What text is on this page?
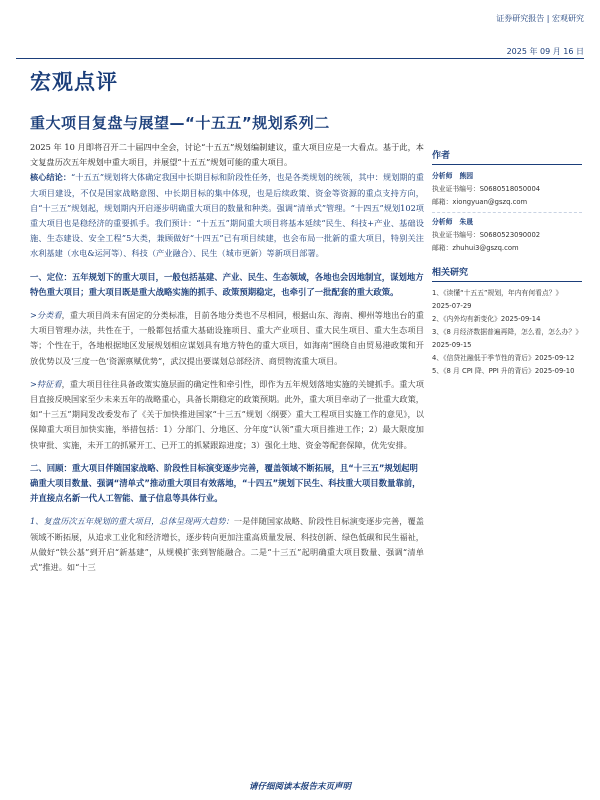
证券研究报告 | 宏观研究
2025 年 09 月 16 日
宏观点评
重大项目复盘与展望—“十五五”规划系列二

2025 年 10 月即将召开二十届四中全会，讨论“十五五”规划编制建议，重大项目应是一大看点。基于此，本文复盘历次五年规划中重大项目，并展望“十五五”规划可能的重大项目。

核心结论：“十五五”规划将大体确定我国中长期目标和阶段性任务，也是各类规划的统领，其中：规划期的重大项目建设，不仅是国家战略意图、中长期目标的集中体现，也是后续政策、资金等资源的重点支持方向，自“十三五”规划起，规划期内开启逐步明确重大项目的数量和种类。强调“清单式”管理。“十四五”规划102项重大项目也是稳经济的重要抓手。我们预计：“十五五”期间重大项目将基本延续“民生、科技+产业、基础设施、生态建设、安全工程”5大类，兼顾做好“十四五”已有项目续建，也会布局一批新的重大项目，特别关注水利基建（水电&运河等）、科技（产业融合）、民生（城市更新）等新项目部署。

一、定位：五年规划下的重大项目，一般包括基建、产业、民生、生态领域，各地也会因地制宜，谋划地方特色重大项目；重大项目既是重大战略实施的抓手、政策预期稳定，也牵引了一批配套的重大政策。

>分类看，重大项目尚未有固定的分类标准，目前各地分类也不尽相同，根据山东、海南、柳州等地出台的重大项目管理办法，共性在于，一般都包括重大基础设施项目、重大产业项目、重大民生项目、重大生态项目等；个性在于，各地根据地区发展规划相应谋划具有地方特色的重大项目，如海南“围绕自由贸易港政策和开放优势以及‘三度一色’资源禀赋优势”，武汉提出要谋划总部经济、商贸物流重大项目。

>特征看，重大项目往往具备政策实施层面的确定性和牵引性，即作为五年规划落地实施的关键抓手。重大项目直接反映国家至少未来五年的战略重心，具备长期稳定的政策预期。此外，重大项目牵动了一批重大政策，如“十三五”期间发改委发布了《关于加快推进国家“十三五”规划〈纲要〉重大工程项目实施工作的意见》，以保障重大项目加快实施，举措包括：1）分部门、分地区、分年度“认领”重大项目推进工作；2）最大限度加快审批、实施，未开工的抓紧开工、已开工的抓紧跟踪进度；3）强化土地、资金等配套保障，优先安排。

二、回顾：重大项目伴随国家战略、阶段性目标演变逐步完善，覆盖领域不断拓展，且“十三五”规划起明确重大项目数量、强调“清单式”推动重大项目有效落地，“十四五”规划下民生、科技重大项目数量靠前，并直接点名新一代人工智能、量子信息等具体行业。

1、复盘历次五年规划的重大项目，总体呈现两大趋势：一是伴随国家战略、阶段性目标演变逐步完善，覆盖领域不断拓展，从追求工业化和经济增长，逐步转向更加注重高质量发展、科技创新、绿色低碳和民生福祉，从做好“铁公基”到开启“新基建”，从规模扩张到智能融合。二是“十三五”起明确重大项目数量、强调“清单式”推进。如“十三

作者
分析师 熊园
执业证书编号：S0680518050004
邮箱：xiongyuan@gszq.com
分析师 朱晟
执业证书编号：S0680523090002
邮箱：zhuhui3@gszq.com
相关研究
1、《读懂“十五五”规划，年内有何看点？》2025-07-29
2、《内外均有新变化》2025-09-14
3、《8 月经济数据普遍再降，怎么看，怎么办？》2025-09-15
4、《信贷社融低于季节性的背后》2025-09-12
5、《8 月 CPI 降、PPI 升的背后》2025-09-10
请仔细阅读本报告末页声明
